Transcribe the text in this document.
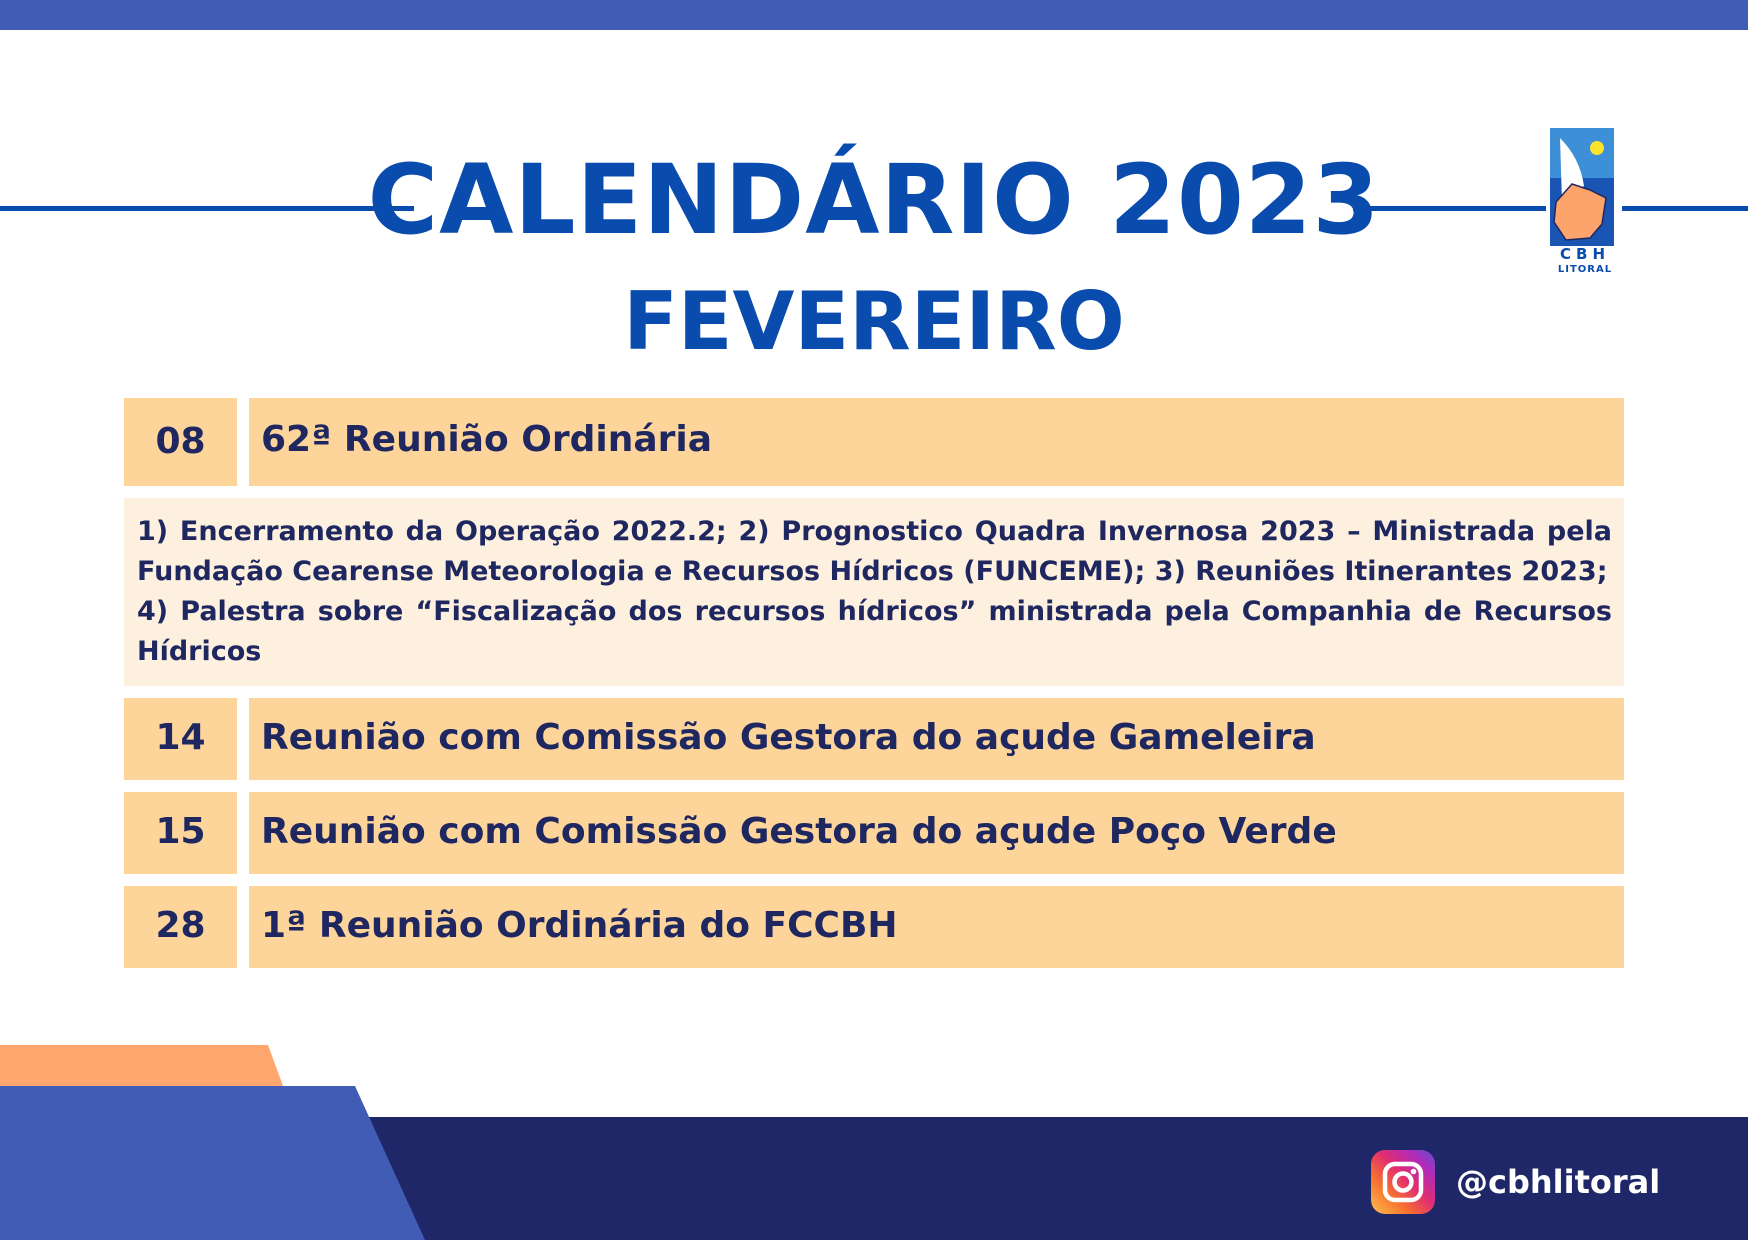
CALENDÁRIO 2023
FEVEREIRO
CBH
LITORAL
08	62ª Reunião Ordinária

1) Encerramento da Operação 2022.2; 2) Prognostico Quadra Invernosa 2023 – Ministrada pela Fundação Cearense Meteorologia e Recursos Hídricos (FUNCEME); 3) Reuniões Itinerantes 2023;

4) Palestra sobre “Fiscalização dos recursos hídricos” ministrada pela Companhia de Recursos Hídricos

14	Reunião com Comissão Gestora do açude Gameleira
15	Reunião com Comissão Gestora do açude Poço Verde
28	1ª Reunião Ordinária do FCCBH
@cbhlitoral
